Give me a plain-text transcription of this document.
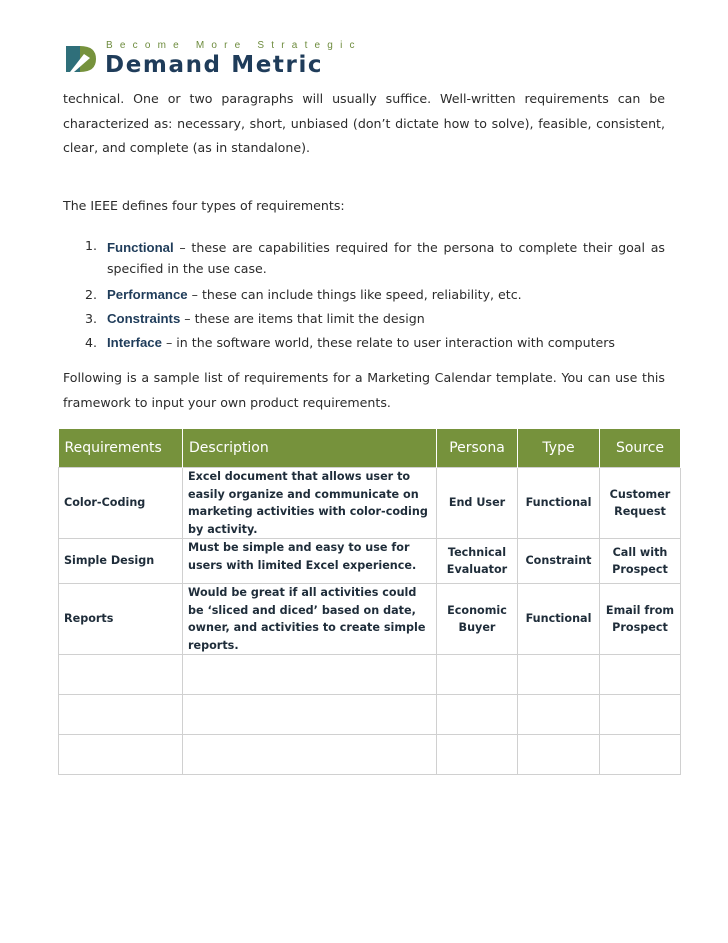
Become More Strategic
Demand Metric
technical. One or two paragraphs will usually suffice. Well-written requirements can be characterized as: necessary, short, unbiased (don’t dictate how to solve), feasible, consistent, clear, and complete (as in standalone).
The IEEE defines four types of requirements:
1. Functional – these are capabilities required for the persona to complete their goal as specified in the use case.
2. Performance – these can include things like speed, reliability, etc.
3. Constraints – these are items that limit the design
4. Interface – in the software world, these relate to user interaction with computers
Following is a sample list of requirements for a Marketing Calendar template. You can use this framework to input your own product requirements.
Requirements	Description	Persona	Type	Source
Color-Coding	Excel document that allows user to easily organize and communicate on marketing activities with color-coding by activity.	End User	Functional	Customer Request
Simple Design	Must be simple and easy to use for users with limited Excel experience.	Technical Evaluator	Constraint	Call with Prospect
Reports	Would be great if all activities could be ‘sliced and diced’ based on date, owner, and activities to create simple reports.	Economic Buyer	Functional	Email from Prospect
